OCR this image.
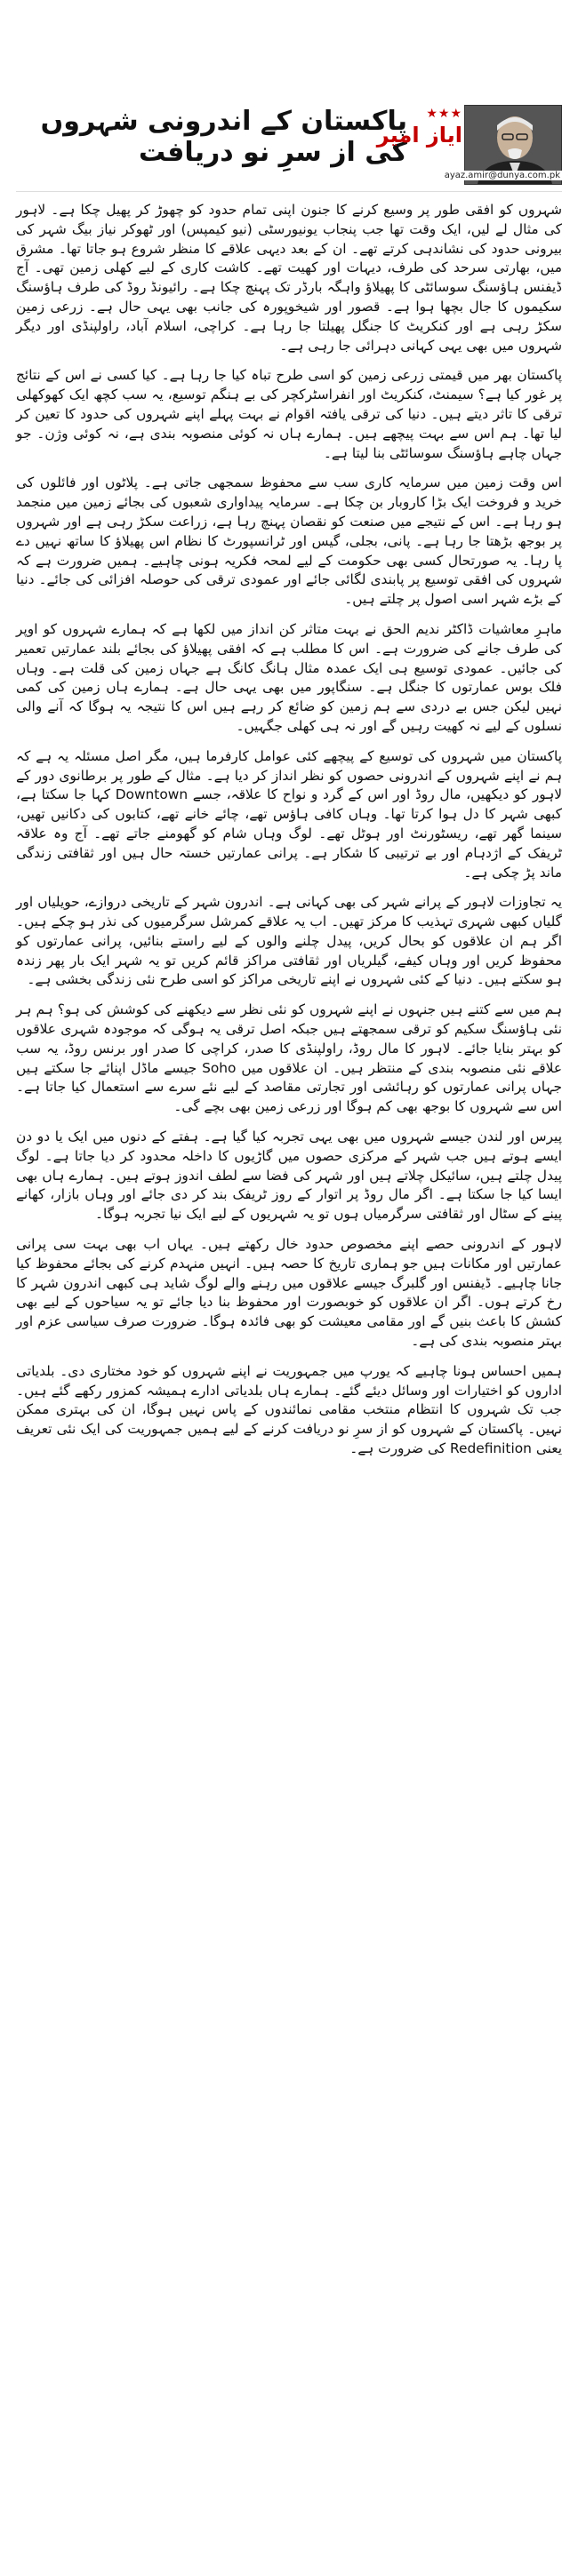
پاکستان کے اندرونی شہروں کی از سرِ نو دریافت
★★★
ایاز امیر
ayaz.amir@dunya.com.pk

شہروں کو افقی طور پر وسیع کرنے کا جنون اپنی تمام حدود کو چھوڑ کر پھیل چکا ہے۔ لاہور کی مثال لے لیں، ایک وقت تھا جب پنجاب یونیورسٹی (نیو کیمپس) اور ٹھوکر نیاز بیگ شہر کی بیرونی حدود کی نشاندہی کرتے تھے۔ ان کے بعد دیہی علاقے کا منظر شروع ہو جاتا تھا۔ مشرق میں، بھارتی سرحد کی طرف، دیہات اور کھیت تھے۔ کاشت کاری کے لیے کھلی زمین تھی۔ آج ڈیفنس ہاؤسنگ سوسائٹی کا پھیلاؤ واہگہ بارڈر تک پہنچ چکا ہے۔ رائیونڈ روڈ کی طرف ہاؤسنگ سکیموں کا جال بچھا ہوا ہے۔ قصور اور شیخوپورہ کی جانب بھی یہی حال ہے۔ زرعی زمین سکڑ رہی ہے اور کنکریٹ کا جنگل پھیلتا جا رہا ہے۔ کراچی، اسلام آباد، راولپنڈی اور دیگر شہروں میں بھی یہی کہانی دہرائی جا رہی ہے۔

پاکستان بھر میں قیمتی زرعی زمین کو اسی طرح تباہ کیا جا رہا ہے۔ کیا کسی نے اس کے نتائج پر غور کیا ہے؟ سیمنٹ، کنکریٹ اور انفراسٹرکچر کی بے ہنگم توسیع، یہ سب کچھ ایک کھوکھلی ترقی کا تاثر دیتے ہیں۔ دنیا کی ترقی یافتہ اقوام نے بہت پہلے اپنے شہروں کی حدود کا تعین کر لیا تھا۔ ہم اس سے بہت پیچھے ہیں۔ ہمارے ہاں نہ کوئی منصوبہ بندی ہے، نہ کوئی وژن۔ جو جہاں چاہے ہاؤسنگ سوسائٹی بنا لیتا ہے۔

اس وقت زمین میں سرمایہ کاری سب سے محفوظ سمجھی جاتی ہے۔ پلاٹوں اور فائلوں کی خرید و فروخت ایک بڑا کاروبار بن چکا ہے۔ سرمایہ پیداواری شعبوں کی بجائے زمین میں منجمد ہو رہا ہے۔ اس کے نتیجے میں صنعت کو نقصان پہنچ رہا ہے، زراعت سکڑ رہی ہے اور شہروں پر بوجھ بڑھتا جا رہا ہے۔ پانی، بجلی، گیس اور ٹرانسپورٹ کا نظام اس پھیلاؤ کا ساتھ نہیں دے پا رہا۔ یہ صورتحال کسی بھی حکومت کے لیے لمحہ فکریہ ہونی چاہیے۔ ہمیں ضرورت ہے کہ شہروں کی افقی توسیع پر پابندی لگائی جائے اور عمودی ترقی کی حوصلہ افزائی کی جائے۔ دنیا کے بڑے شہر اسی اصول پر چلتے ہیں۔

ماہرِ معاشیات ڈاکٹر ندیم الحق نے بہت متاثر کن انداز میں لکھا ہے کہ ہمارے شہروں کو اوپر کی طرف جانے کی ضرورت ہے۔ اس کا مطلب ہے کہ افقی پھیلاؤ کی بجائے بلند عمارتیں تعمیر کی جائیں۔ عمودی توسیع ہی ایک عمدہ مثال ہانگ کانگ ہے جہاں زمین کی قلت ہے۔ وہاں فلک بوس عمارتوں کا جنگل ہے۔ سنگاپور میں بھی یہی حال ہے۔ ہمارے ہاں زمین کی کمی نہیں لیکن جس بے دردی سے ہم زمین کو ضائع کر رہے ہیں اس کا نتیجہ یہ ہوگا کہ آنے والی نسلوں کے لیے نہ کھیت رہیں گے اور نہ ہی کھلی جگہیں۔

پاکستان میں شہروں کی توسیع کے پیچھے کئی عوامل کارفرما ہیں، مگر اصل مسئلہ یہ ہے کہ ہم نے اپنے شہروں کے اندرونی حصوں کو نظر انداز کر دیا ہے۔ مثال کے طور پر برطانوی دور کے لاہور کو دیکھیں، مال روڈ اور اس کے گرد و نواح کا علاقہ، جسے Downtown کہا جا سکتا ہے، کبھی شہر کا دل ہوا کرتا تھا۔ وہاں کافی ہاؤس تھے، چائے خانے تھے، کتابوں کی دکانیں تھیں، سینما گھر تھے، ریسٹورنٹ اور ہوٹل تھے۔ لوگ وہاں شام کو گھومنے جاتے تھے۔ آج وہ علاقہ ٹریفک کے اژدہام اور بے ترتیبی کا شکار ہے۔ پرانی عمارتیں خستہ حال ہیں اور ثقافتی زندگی ماند پڑ چکی ہے۔

یہ تجاوزات لاہور کے پرانے شہر کی بھی کہانی ہے۔ اندرون شہر کے تاریخی دروازے، حویلیاں اور گلیاں کبھی شہری تہذیب کا مرکز تھیں۔ اب یہ علاقے کمرشل سرگرمیوں کی نذر ہو چکے ہیں۔ اگر ہم ان علاقوں کو بحال کریں، پیدل چلنے والوں کے لیے راستے بنائیں، پرانی عمارتوں کو محفوظ کریں اور وہاں کیفے، گیلریاں اور ثقافتی مراکز قائم کریں تو یہ شہر ایک بار پھر زندہ ہو سکتے ہیں۔ دنیا کے کئی شہروں نے اپنے تاریخی مراکز کو اسی طرح نئی زندگی بخشی ہے۔

ہم میں سے کتنے ہیں جنہوں نے اپنے شہروں کو نئی نظر سے دیکھنے کی کوشش کی ہو؟ ہم ہر نئی ہاؤسنگ سکیم کو ترقی سمجھتے ہیں جبکہ اصل ترقی یہ ہوگی کہ موجودہ شہری علاقوں کو بہتر بنایا جائے۔ لاہور کا مال روڈ، راولپنڈی کا صدر، کراچی کا صدر اور برنس روڈ، یہ سب علاقے نئی منصوبہ بندی کے منتظر ہیں۔ ان علاقوں میں Soho جیسے ماڈل اپنائے جا سکتے ہیں جہاں پرانی عمارتوں کو رہائشی اور تجارتی مقاصد کے لیے نئے سرے سے استعمال کیا جاتا ہے۔ اس سے شہروں کا بوجھ بھی کم ہوگا اور زرعی زمین بھی بچے گی۔

پیرس اور لندن جیسے شہروں میں بھی یہی تجربہ کیا گیا ہے۔ ہفتے کے دنوں میں ایک یا دو دن ایسے ہوتے ہیں جب شہر کے مرکزی حصوں میں گاڑیوں کا داخلہ محدود کر دیا جاتا ہے۔ لوگ پیدل چلتے ہیں، سائیکل چلاتے ہیں اور شہر کی فضا سے لطف اندوز ہوتے ہیں۔ ہمارے ہاں بھی ایسا کیا جا سکتا ہے۔ اگر مال روڈ پر اتوار کے روز ٹریفک بند کر دی جائے اور وہاں بازار، کھانے پینے کے سٹال اور ثقافتی سرگرمیاں ہوں تو یہ شہریوں کے لیے ایک نیا تجربہ ہوگا۔

لاہور کے اندرونی حصے اپنے مخصوص حدود خال رکھتے ہیں۔ یہاں اب بھی بہت سی پرانی عمارتیں اور مکانات ہیں جو ہماری تاریخ کا حصہ ہیں۔ انہیں منہدم کرنے کی بجائے محفوظ کیا جانا چاہیے۔ ڈیفنس اور گلبرگ جیسے علاقوں میں رہنے والے لوگ شاید ہی کبھی اندرون شہر کا رخ کرتے ہوں۔ اگر ان علاقوں کو خوبصورت اور محفوظ بنا دیا جائے تو یہ سیاحوں کے لیے بھی کشش کا باعث بنیں گے اور مقامی معیشت کو بھی فائدہ ہوگا۔ ضرورت صرف سیاسی عزم اور بہتر منصوبہ بندی کی ہے۔

ہمیں احساس ہونا چاہیے کہ یورپ میں جمہوریت نے اپنے شہروں کو خود مختاری دی۔ بلدیاتی اداروں کو اختیارات اور وسائل دیئے گئے۔ ہمارے ہاں بلدیاتی ادارے ہمیشہ کمزور رکھے گئے ہیں۔ جب تک شہروں کا انتظام منتخب مقامی نمائندوں کے پاس نہیں ہوگا، ان کی بہتری ممکن نہیں۔ پاکستان کے شہروں کو از سرِ نو دریافت کرنے کے لیے ہمیں جمہوریت کی ایک نئی تعریف یعنی Redefinition کی ضرورت ہے۔
